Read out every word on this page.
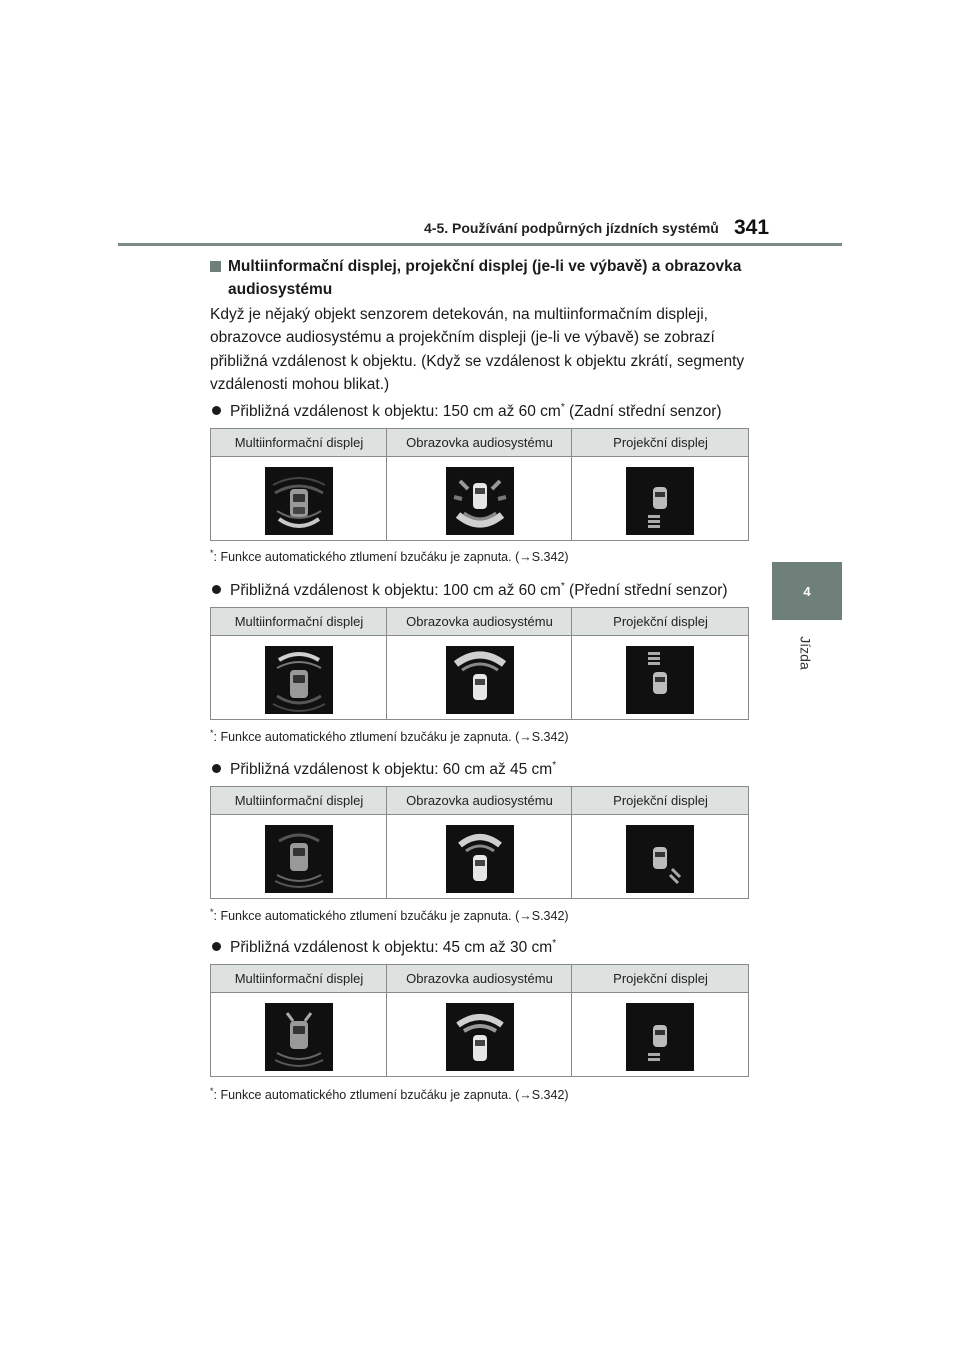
4-5. Používání podpůrných jízdních systémů 341
4
Jízda
Multiinformační displej, projekční displej (je-li ve výbavě) a obrazovka audiosystému
Když je nějaký objekt senzorem detekován, na multiinformačním displeji, obrazovce audiosystému a projekčním displeji (je-li ve výbavě) se zobrazí přibližná vzdálenost k objektu. (Když se vzdálenost k objektu zkrátí, segmenty vzdálenosti mohou blikat.)
Přibližná vzdálenost k objektu: 150 cm až 60 cm* (Zadní střední senzor)
Multiinformační displej	Obrazovka audiosystému	Projekční displej
*: Funkce automatického ztlumení bzučáku je zapnuta. (→S.342)
Přibližná vzdálenost k objektu: 100 cm až 60 cm* (Přední střední senzor)
Multiinformační displej	Obrazovka audiosystému	Projekční displej
*: Funkce automatického ztlumení bzučáku je zapnuta. (→S.342)
Přibližná vzdálenost k objektu: 60 cm až 45 cm*
Multiinformační displej	Obrazovka audiosystému	Projekční displej
*: Funkce automatického ztlumení bzučáku je zapnuta. (→S.342)
Přibližná vzdálenost k objektu: 45 cm až 30 cm*
Multiinformační displej	Obrazovka audiosystému	Projekční displej
*: Funkce automatického ztlumení bzučáku je zapnuta. (→S.342)
